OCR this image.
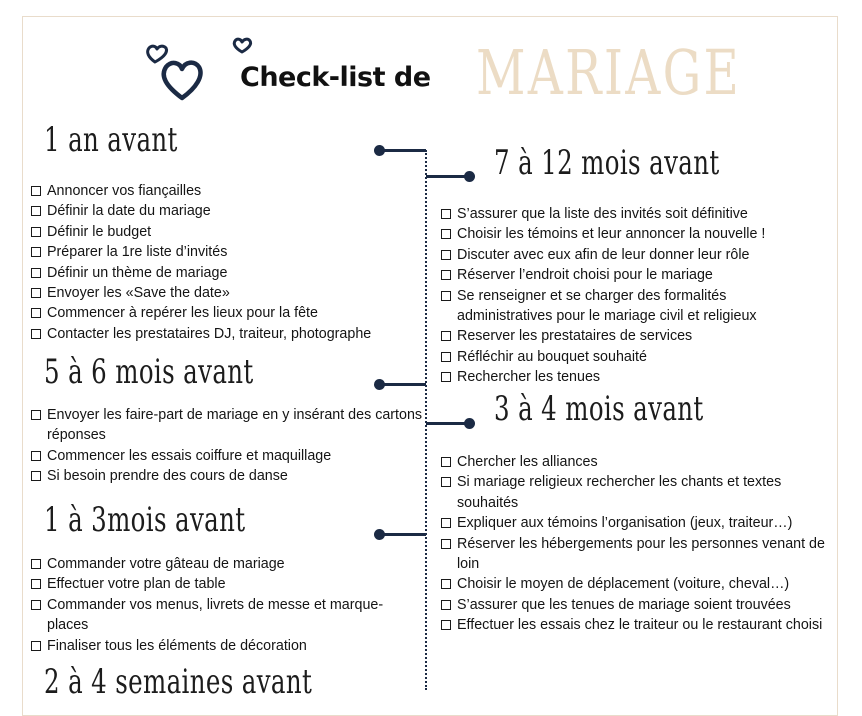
Check-list de MARIAGE
1 an avant
Annoncer vos fiançailles
Définir la date du mariage
Définir le budget
Préparer la 1re liste d’invités
Définir un thème de mariage
Envoyer les «Save the date»
Commencer à repérer les lieux pour la fête
Contacter les prestataires DJ, traiteur, photographe
5 à 6 mois avant
Envoyer les faire-part de mariage en y insérant des cartons réponses
Commencer les essais coiffure et maquillage
Si besoin prendre des cours de danse
1 à 3mois avant
Commander votre gâteau de mariage
Effectuer votre plan de table
Commander vos menus, livrets de messe et marque-places
Finaliser tous les éléments de décoration
2 à 4 semaines avant
7 à 12 mois avant
S’assurer que la liste des invités soit définitive
Choisir les témoins et leur annoncer la nouvelle !
Discuter avec eux afin de leur donner leur rôle
Réserver l’endroit choisi pour le mariage
Se renseigner et se charger des formalités administratives pour le mariage civil et religieux
Reserver les prestataires de services
Réfléchir au bouquet souhaité
Rechercher les tenues
3 à 4 mois avant
Chercher les alliances
Si mariage religieux rechercher les chants et textes souhaités
Expliquer aux témoins l’organisation (jeux, traiteur…)
Réserver les hébergements pour les personnes venant de loin
Choisir le moyen de déplacement (voiture, cheval…)
S’assurer que les tenues de mariage soient trouvées
Effectuer les essais chez le traiteur ou le restaurant choisi
